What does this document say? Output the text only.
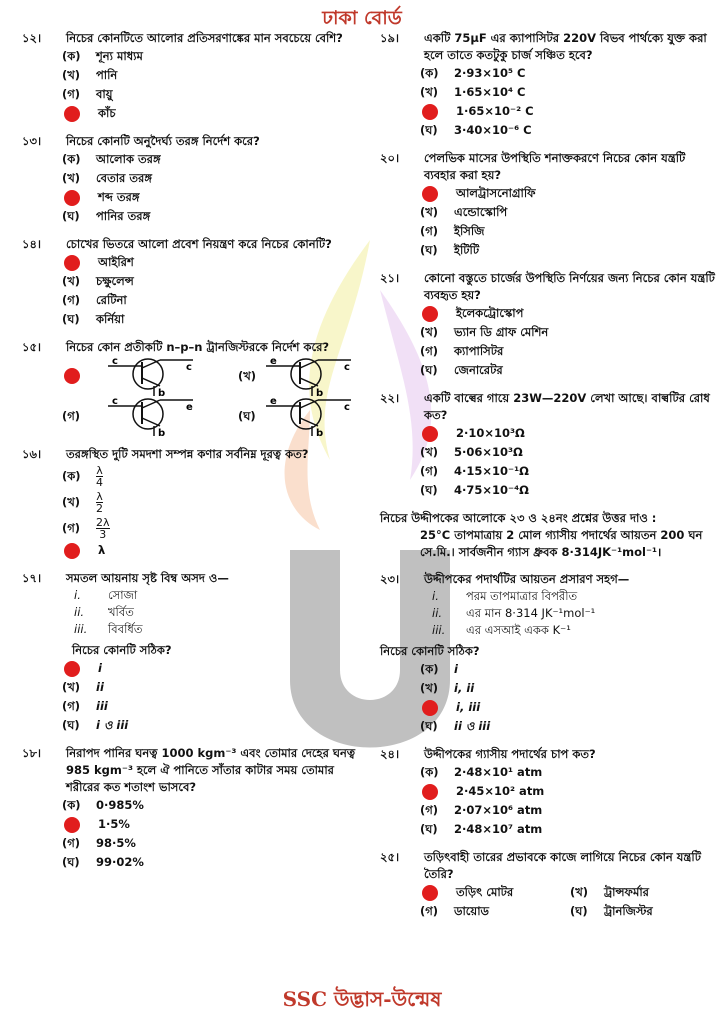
ঢাকা বোর্ড
১২।	নিচের কোনটিতে আলোর প্রতিসরণাঙ্কের মান সবচেয়ে বেশি?
(ক)	শূন্য মাধ্যম
(খ)	পানি
(গ)	বায়ু
কাঁচ
১৩।	নিচের কোনটি অনুদৈর্ঘ্য তরঙ্গ নির্দেশ করে?
(ক)	আলোক তরঙ্গ
(খ)	বেতার তরঙ্গ
শব্দ তরঙ্গ
(ঘ)	পানির তরঙ্গ
১৪।	চোখের ভিতরে আলো প্রবেশ নিয়ন্ত্রণ করে নিচের কোনটি?
আইরিশ
(খ)	চক্ষুলেন্স
(গ)	রেটিনা
(ঘ)	কর্নিয়া
১৫।	নিচের কোন প্রতীকটি n–p–n ট্রানজিস্টরকে নির্দেশ করে?
c
c
b
(খ)
e
c
b
(গ)
c
e
b
(ঘ)
e
c
b
১৬।	তরঙ্গস্থিত দুটি সমদশা সম্পন্ন কণার সর্বনিম্ন দূরত্ব কত?
(ক)	$\frac{\lambda}{4}$
(খ)	$\frac{\lambda}{2}$
(গ)	$\frac{2\lambda}{3}$
λ
১৭।	সমতল আয়নায় সৃষ্ট বিম্ব অসদ ও—
i.	সোজা
ii.	খর্বিত
iii.	বিবর্ধিত
নিচের কোনটি সঠিক?
i
(খ)	ii
(গ)	iii
(ঘ)	i ও iii
১৮।	নিরাপদ পানির ঘনত্ব 1000 kgm⁻³ এবং তোমার দেহের ঘনত্ব 985 kgm⁻³ হলে ঐ পানিতে সাঁতার কাটার সময় তোমার শরীরের কত শতাংশ ভাসবে?
(ক)	0·985%
1·5%
(গ)	98·5%
(ঘ)	99·02%
১৯।	একটি 75μF এর ক্যাপাসিটর 220V বিভব পার্থক্যে যুক্ত করা হলে তাতে কতটুকু চার্জ সঞ্চিত হবে?
(ক)	2·93×10⁵ C
(খ)	1·65×10⁴ C
1·65×10⁻² C
(ঘ)	3·40×10⁻⁶ C
২০।	পেলভিক মাসের উপস্থিতি শনাক্তকরণে নিচের কোন যন্ত্রটি ব্যবহার করা হয়?
আলট্রাসনোগ্রাফি
(খ)	এন্ডোস্কোপি
(গ)	ইসিজি
(ঘ)	ইটিটি
২১।	কোনো বস্তুতে চার্জের উপস্থিতি নির্ণয়ের জন্য নিচের কোন যন্ত্রটি ব্যবহৃত হয়?
ইলেকট্রোস্কোপ
(খ)	ভ্যান ডি গ্রাফ মেশিন
(গ)	ক্যাপাসিটর
(ঘ)	জেনারেটর
২২।	একটি বাল্বের গায়ে 23W—220V লেখা আছে। বাল্বটির রোধ কত?
2·10×10³Ω
(খ)	5·06×10³Ω
(গ)	4·15×10⁻¹Ω
(ঘ)	4·75×10⁻⁴Ω
নিচের উদ্দীপকের আলোকে ২৩ ও ২৪নং প্রশ্নের উত্তর দাও :
25°C তাপমাত্রায় 2 মোল গ্যাসীয় পদার্থের আয়তন 200 ঘন সে.মি.। সার্বজনীন গ্যাস ধ্রুবক 8·314JK⁻¹mol⁻¹।
২৩।	উদ্দীপকের পদার্থটির আয়তন প্রসারণ সহগ—
i.	পরম তাপমাত্রার বিপরীত
ii.	এর মান 8·314 JK⁻¹mol⁻¹
iii.	এর এসআই একক K⁻¹
নিচের কোনটি সঠিক?
(ক)	i
(খ)	i, ii
i, iii
(ঘ)	ii ও iii
২৪।	উদ্দীপকের গ্যাসীয় পদার্থের চাপ কত?
(ক)	2·48×10¹ atm
2·45×10² atm
(গ)	2·07×10⁶ atm
(ঘ)	2·48×10⁷ atm
২৫।	তড়িৎবাহী তারের প্রভাবকে কাজে লাগিয়ে নিচের কোন যন্ত্রটি তৈরি?
তড়িৎ মোটর	(খ)	ট্রান্সফর্মার
(গ)	ডায়োড	(ঘ)	ট্রানজিস্টর
SSC উদ্ভাস-উন্মেষ
